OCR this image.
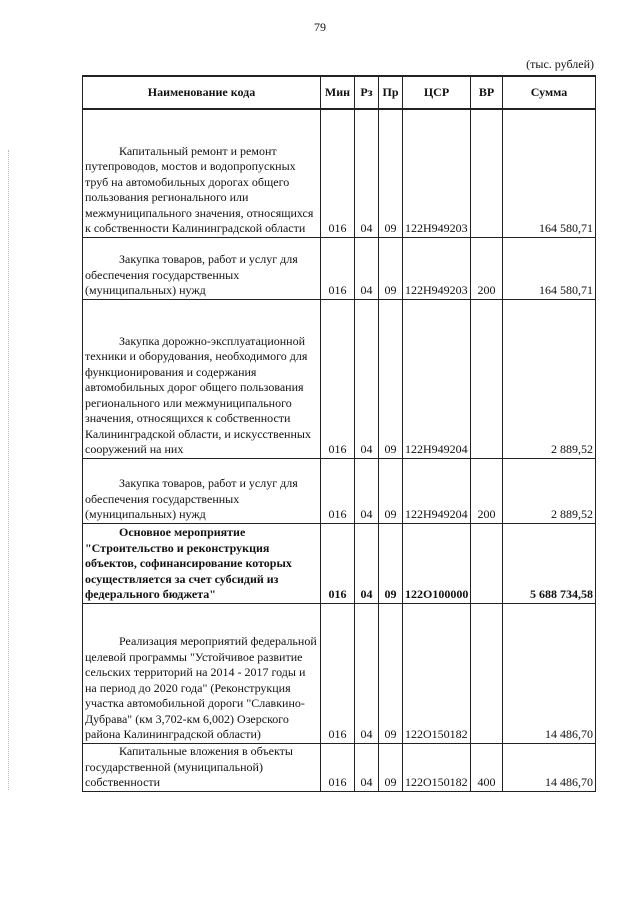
79
(тыс. рублей)
Наименование кода	Мин	Рз	Пр	ЦСР	ВР	Сумма
Капитальный ремонт и ремонт путепроводов, мостов и водопропускных труб на автомобильных дорогах общего пользования регионального или межмуниципального значения, относящихся к собственности Калининградской области	016	04	09	122Н949203		164 580,71
Закупка товаров, работ и услуг для обеспечения государственных (муниципальных) нужд	016	04	09	122Н949203	200	164 580,71
Закупка дорожно-эксплуатационной техники и оборудования, необходимого для функционирования и содержания автомобильных дорог общего пользования регионального или межмуниципального значения, относящихся к собственности Калининградской области, и искусственных сооружений на них	016	04	09	122Н949204		2 889,52
Закупка товаров, работ и услуг для обеспечения государственных (муниципальных) нужд	016	04	09	122Н949204	200	2 889,52
Основное мероприятие "Строительство и реконструкция объектов, софинансирование которых осуществляется за счет субсидий из федерального бюджета"	016	04	09	122О100000		5 688 734,58
Реализация мероприятий федеральной целевой программы "Устойчивое развитие сельских территорий на 2014 - 2017 годы и на период до 2020 года" (Реконструкция участка автомобильной дороги "Славкино-Дубрава" (км 3,702-км 6,002) Озерского района Калининградской области)	016	04	09	122О150182		14 486,70
Капитальные вложения в объекты государственной (муниципальной) собственности	016	04	09	122О150182	400	14 486,70
